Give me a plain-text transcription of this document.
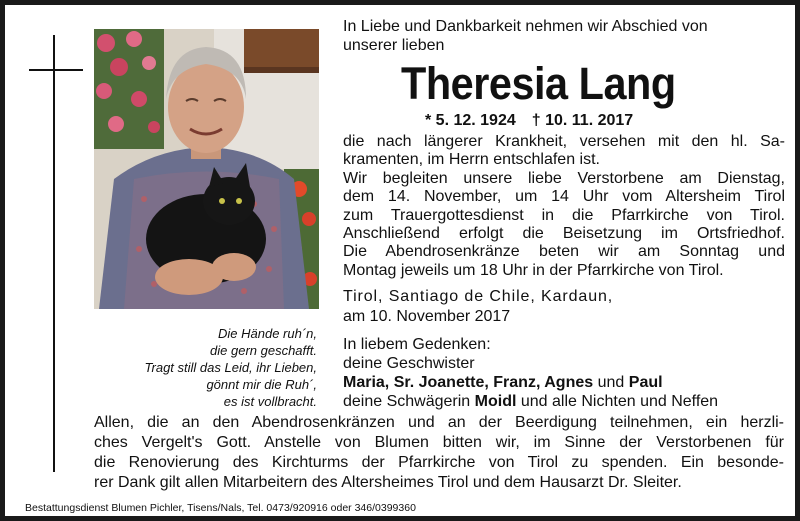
Die Hände ruh´n,
die gern geschafft.
Tragt still das Leid, ihr Lieben,
gönnt mir die Ruh´,
es ist vollbracht.
In Liebe und Dankbarkeit nehmen wir Abschied von
unserer lieben
Theresia Lang
* 5. 12. 1924 † 10. 11. 2017
die nach längerer Krankheit, versehen mit den hl. Sa-
kramenten, im Herrn entschlafen ist.
Wir begleiten unsere liebe Verstorbene am Dienstag,
dem 14. November, um 14 Uhr vom Altersheim Tirol
zum Trauergottesdienst in die Pfarrkirche von Tirol.
Anschließend erfolgt die Beisetzung im Ortsfriedhof.
Die Abendrosenkränze beten wir am Sonntag und
Montag jeweils um 18 Uhr in der Pfarrkirche von Tirol.
Tirol, Santiago de Chile, Kardaun,
am 10. November 2017
In liebem Gedenken:
deine Geschwister
Maria, Sr. Joanette, Franz, Agnes und Paul
deine Schwägerin Moidl und alle Nichten und Neffen
Allen, die an den Abendrosenkränzen und an der Beerdigung teilnehmen, ein herzli-
ches Vergelt's Gott. Anstelle von Blumen bitten wir, im Sinne der Verstorbenen für
die Renovierung des Kirchturms der Pfarrkirche von Tirol zu spenden. Ein besonde-
rer Dank gilt allen Mitarbeitern des Altersheimes Tirol und dem Hausarzt Dr. Sleiter.
Bestattungsdienst Blumen Pichler, Tisens/Nals, Tel. 0473/920916 oder 346/0399360
